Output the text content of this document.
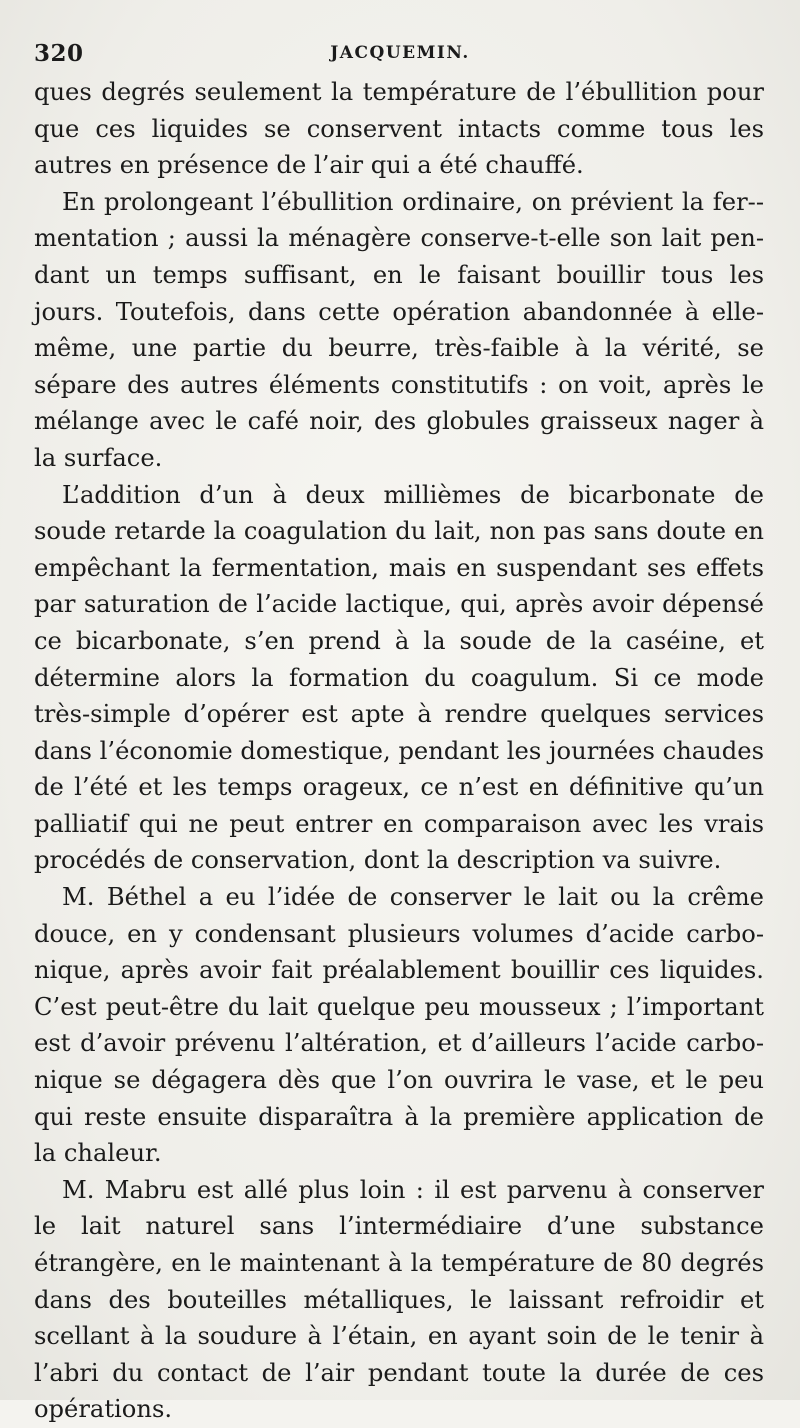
320	JACQUEMIN.

ques degrés seulement la température de l’ébullition pour que ces liquides se conservent intacts comme tous les autres en présence de l’air qui a été chauffé.

En prolongeant l’ébullition ordinaire, on prévient la fer-mentation ; aussi la ménagère conserve-t-elle son lait pendant un temps suffisant, en le faisant bouillir tous les jours. Toutefois, dans cette opération abandonnée à elle-même, une partie du beurre, très-faible à la vérité, se sépare des autres éléments constitutifs : on voit, après le mélange avec le café noir, des globules graisseux nager à la surface.

L’addition d’un à deux millièmes de bicarbonate de soude retarde la coagulation du lait, non pas sans doute en empêchant la fermentation, mais en suspendant ses effets par saturation de l’acide lactique, qui, après avoir dépensé ce bicarbonate, s’en prend à la soude de la caséine, et détermine alors la formation du coagulum. Si ce mode très-simple d’opérer est apte à rendre quelques services dans l’économie domestique, pendant les journées chaudes de l’été et les temps orageux, ce n’est en définitive qu’un palliatif qui ne peut entrer en comparaison avec les vrais procédés de conservation, dont la description va suivre.

M. Béthel a eu l’idée de conserver le lait ou la crême douce, en y condensant plusieurs volumes d’acide carbonique, après avoir fait préalablement bouillir ces liquides. C’est peut-être du lait quelque peu mousseux ; l’important est d’avoir prévenu l’altération, et d’ailleurs l’acide carbonique se dégagera dès que l’on ouvrira le vase, et le peu qui reste ensuite disparaîtra à la première application de la chaleur.

M. Mabru est allé plus loin : il est parvenu à conserver le lait naturel sans l’intermédiaire d’une substance étrangère, en le maintenant à la température de 80 degrés dans des bouteilles métalliques, le laissant refroidir et scellant à la soudure à l’étain, en ayant soin de le tenir à l’abri du contact de l’air pendant toute la durée de ces opérations.
